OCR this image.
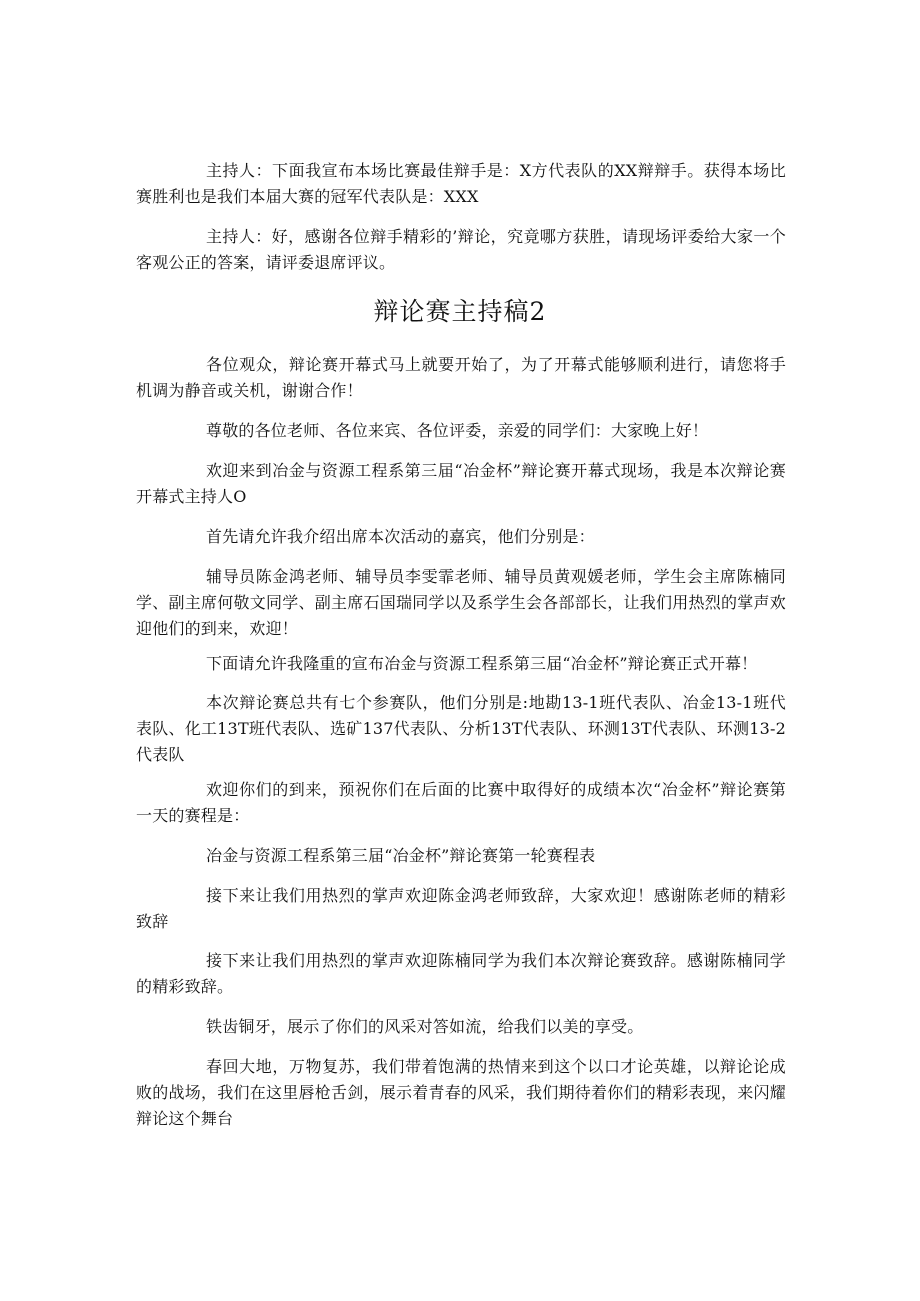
主持人：下面我宣布本场比赛最佳辩手是：X方代表队的XX辩辩手。获得本场比赛胜利也是我们本届大赛的冠军代表队是：XXX

主持人：好，感谢各位辩手精彩的’辩论，究竟哪方获胜，请现场评委给大家一个客观公正的答案，请评委退席评议。

辩论赛主持稿2

各位观众，辩论赛开幕式马上就要开始了，为了开幕式能够顺利进行，请您将手机调为静音或关机，谢谢合作！

尊敬的各位老师、各位来宾、各位评委，亲爱的同学们：大家晚上好！

欢迎来到冶金与资源工程系第三届“冶金杯”辩论赛开幕式现场，我是本次辩论赛开幕式主持人O

首先请允许我介绍出席本次活动的嘉宾，他们分别是：

辅导员陈金鸿老师、辅导员李雯霏老师、辅导员黄观媛老师，学生会主席陈楠同学、副主席何敬文同学、副主席石国瑞同学以及系学生会各部部长，让我们用热烈的掌声欢迎他们的到来，欢迎！

下面请允许我隆重的宣布冶金与资源工程系第三届“冶金杯”辩论赛正式开幕！

本次辩论赛总共有七个参赛队，他们分别是:地勘13-1班代表队、冶金13-1班代表队、化工13T班代表队、选矿137代表队、分析13T代表队、环测13T代表队、环测13-2代表队

欢迎你们的到来，预祝你们在后面的比赛中取得好的成绩本次“冶金杯”辩论赛第一天的赛程是：

冶金与资源工程系第三届“冶金杯”辩论赛第一轮赛程表

接下来让我们用热烈的掌声欢迎陈金鸿老师致辞，大家欢迎！感谢陈老师的精彩致辞

接下来让我们用热烈的掌声欢迎陈楠同学为我们本次辩论赛致辞。感谢陈楠同学的精彩致辞。

铁齿铜牙，展示了你们的风采对答如流，给我们以美的享受。

春回大地，万物复苏，我们带着饱满的热情来到这个以口才论英雄，以辩论论成败的战场，我们在这里唇枪舌剑，展示着青春的风采，我们期待着你们的精彩表现，来闪耀辩论这个舞台
